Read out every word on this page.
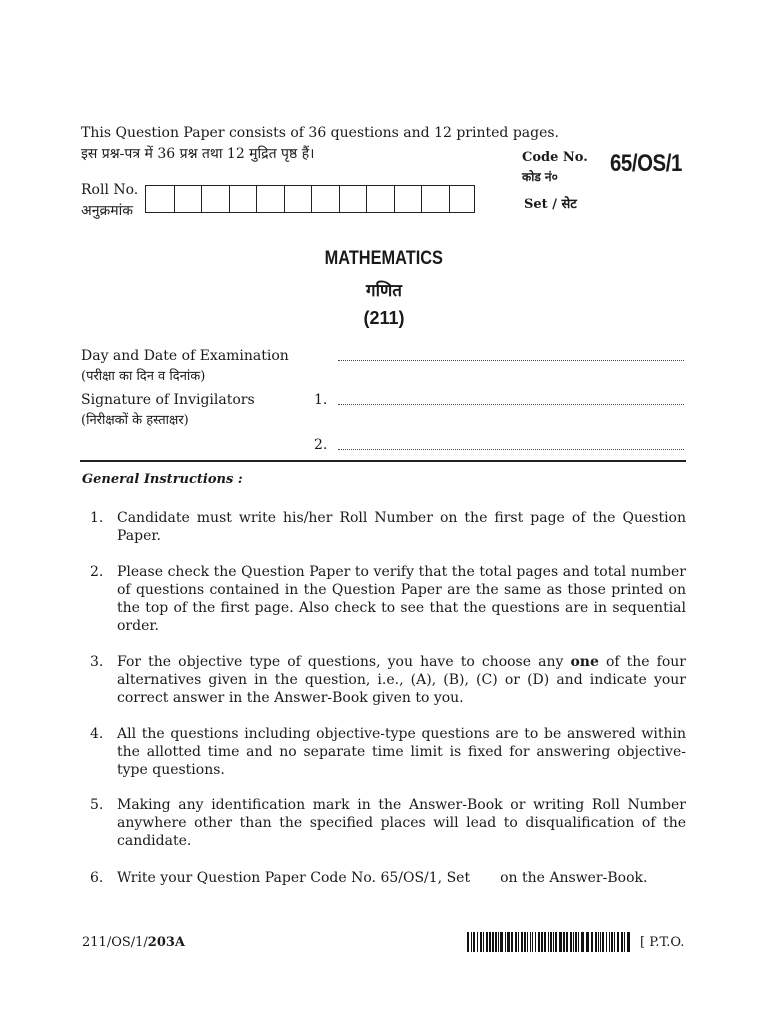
This Question Paper consists of 36 questions and 12 printed pages.
इस प्रश्न-पत्र में 36 प्रश्न तथा 12 मुद्रित पृष्ठ हैं।	Code No.
कोड नं० 65/OS/1
Set / सेट
Roll No.
अनुक्रमांक
MATHEMATICS
गणित
(211)
Day and Date of Examination
(परीक्षा का दिन व दिनांक)
Signature of Invigilators
(निरीक्षकों के हस्ताक्षर)
1.
2.
General Instructions :
1. Candidate must write his/her Roll Number on the first page of the Question Paper.
2. Please check the Question Paper to verify that the total pages and total number of questions contained in the Question Paper are the same as those printed on the top of the first page. Also check to see that the questions are in sequential order.
3. For the objective type of questions, you have to choose any one of the four alternatives given in the question, i.e., (A), (B), (C) or (D) and indicate your correct answer in the Answer-Book given to you.
4. All the questions including objective-type questions are to be answered within the allotted time and no separate time limit is fixed for answering objective-type questions.
5. Making any identification mark in the Answer-Book or writing Roll Number anywhere other than the specified places will lead to disqualification of the candidate.
6. Write your Question Paper Code No. 65/OS/1, Set on the Answer-Book.
211/OS/1/203A	[ P.T.O.
